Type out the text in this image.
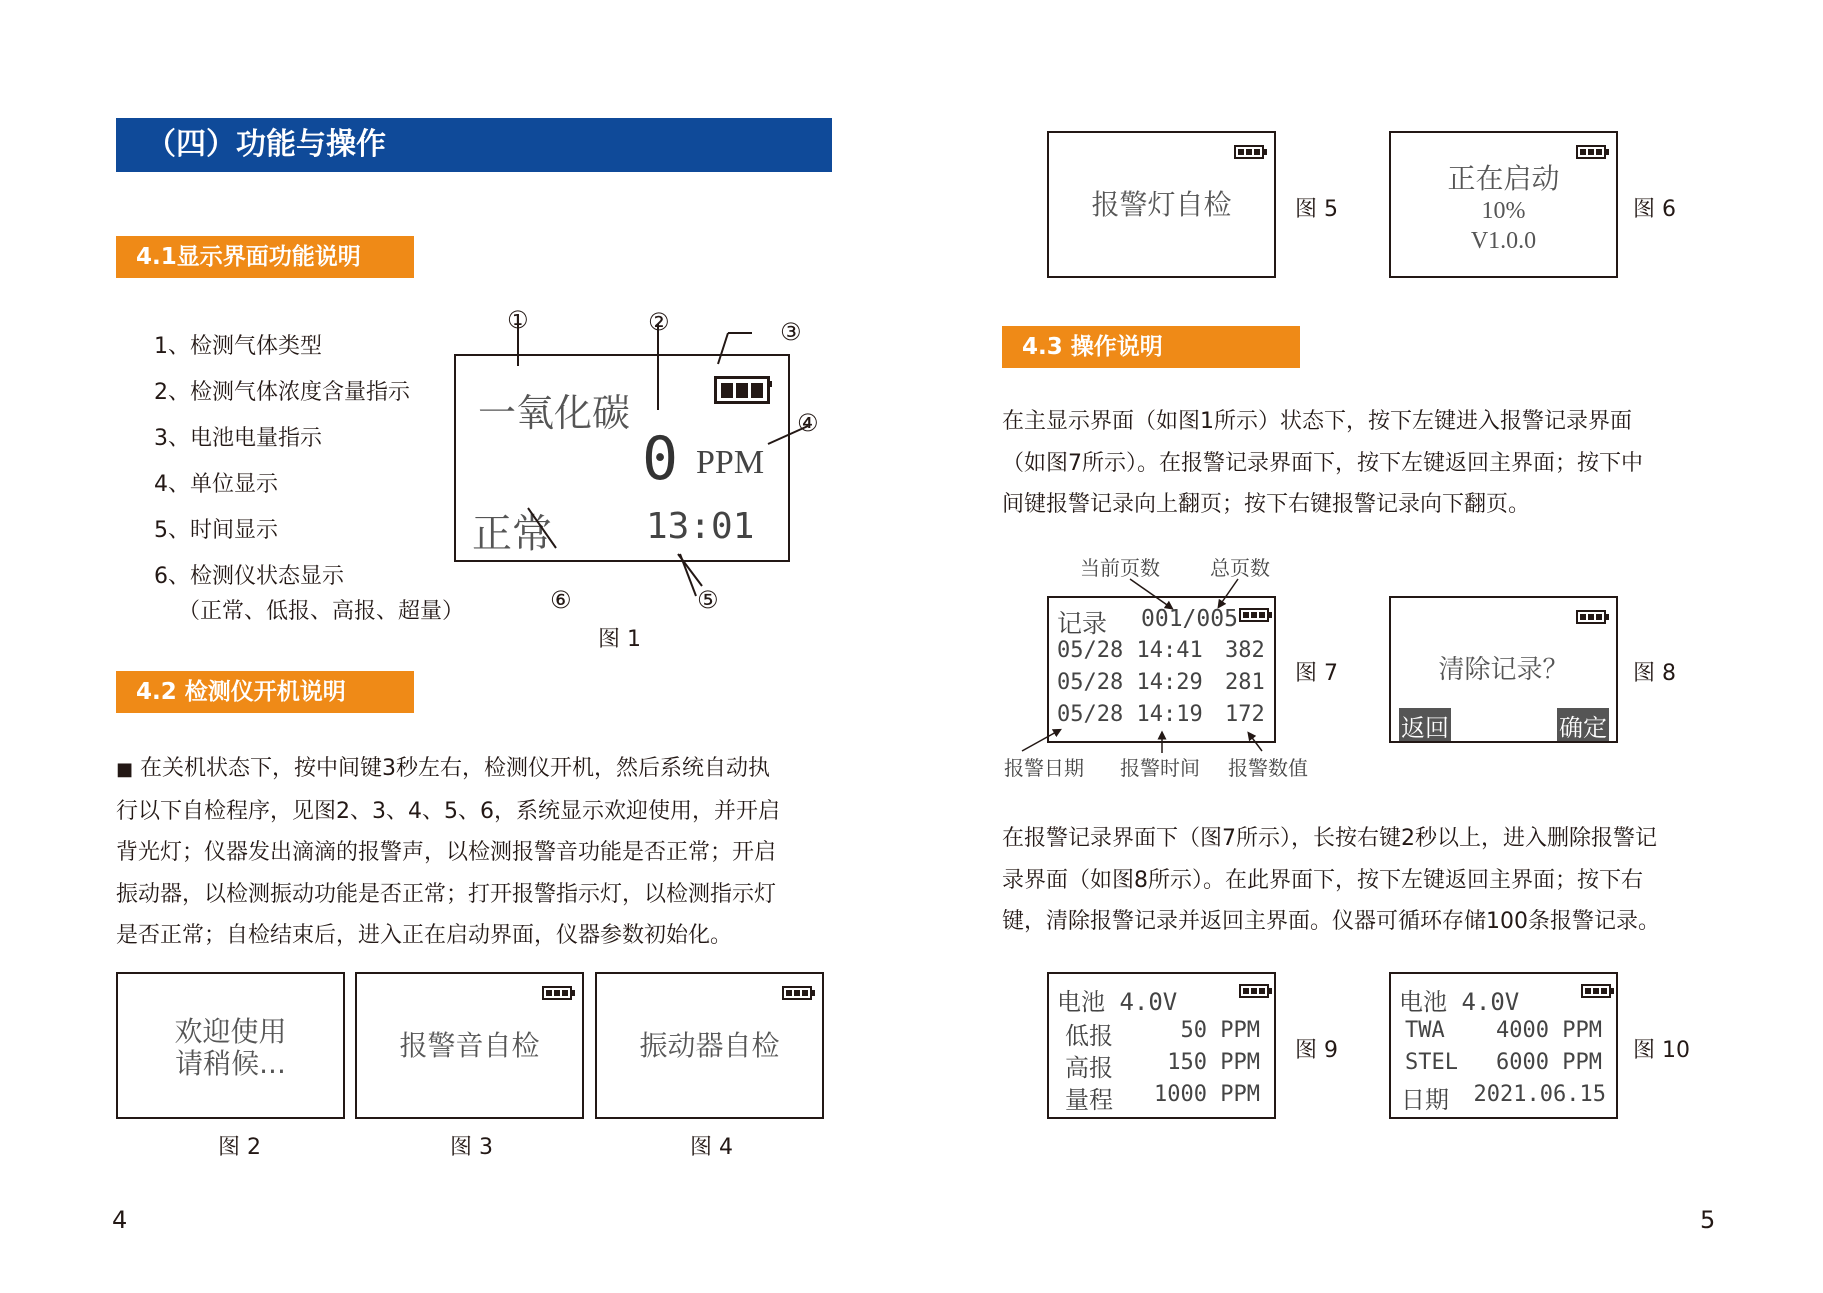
（四）功能与操作
4.1显示界面功能说明
1、检测气体类型
2、检测气体浓度含量指示
3、电池电量指示
4、单位显示
5、时间显示
6、检测仪状态显示
（正常、低报、高报、超量）
一氧化碳
0 PPM
正常	13:01
①	②	③
④
⑥	⑤
图 1
4.2 检测仪开机说明

■ 在关机状态下，按中间键3秒左右，检测仪开机，然后系统自动执

行以下自检程序，见图2、3、4、5、6，系统显示欢迎使用，并开启

背光灯；仪器发出滴滴的报警声，以检测报警音功能是否正常；开启

振动器，以检测振动功能是否正常；打开报警指示灯，以检测指示灯

是否正常；自检结束后，进入正在启动界面，仪器参数初始化。

欢迎使用
请稍候...
图 2
报警音自检
图 3
振动器自检
图 4
4
报警灯自检	图 5
正在启动
10%
V1.0.0
图 6
4.3 操作说明

在主显示界面（如图1所示）状态下，按下左键进入报警记录界面

（如图7所示）。在报警记录界面下，按下左键返回主界面；按下中

间键报警记录向上翻页；按下右键报警记录向下翻页。

当前页数	总页数
记录 001/005
05/28 14:41 382
05/28 14:29 281
05/28 14:19 172
报警日期 报警时间 报警数值
图 7	清除记录？
返回	确定
图 8

在报警记录界面下（图7所示），长按右键2秒以上，进入删除报警记

录界面（如图8所示）。在此界面下，按下左键返回主界面；按下右

键，清除报警记录并返回主界面。仪器可循环存储100条报警记录。

电池 4.0V
低报	50 PPM
高报 150 PPM
量程 1000 PPM
图 9
电池 4.0V
TWA 4000 PPM
STEL 6000 PPM
日期 2021.06.15
图 10
5
